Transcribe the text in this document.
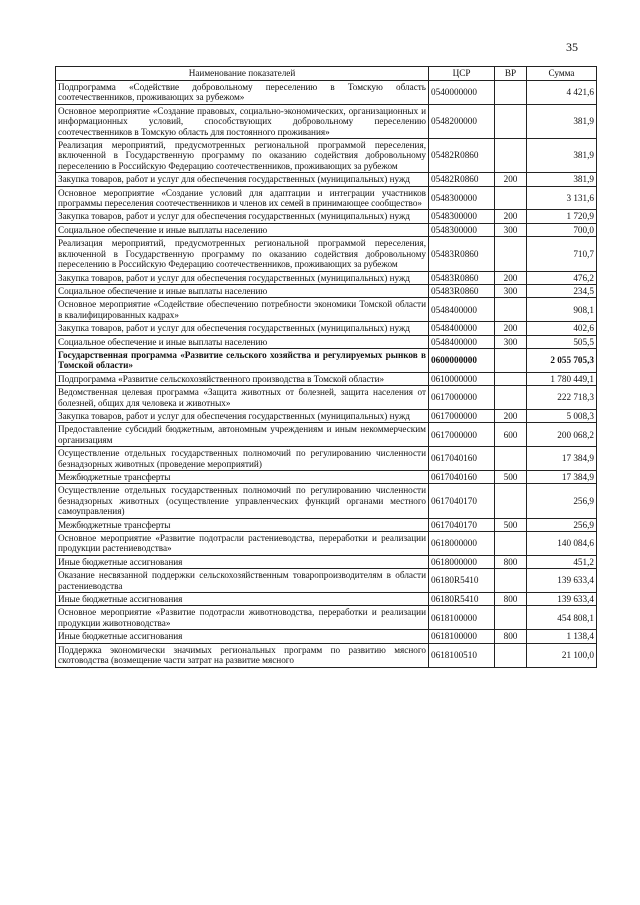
35
Наименование показателей	ЦСР	ВР	Сумма
Подпрограмма «Содействие добровольному переселению в Томскую область соотечественников, проживающих за рубежом»	0540000000		4 421,6
Основное мероприятие «Создание правовых, социально-экономических, организационных и информационных условий, способствующих добровольному переселению соотечественников в Томскую область для постоянного проживания»	0548200000		381,9
Реализация мероприятий, предусмотренных региональной программой переселения, включенной в Государственную программу по оказанию содействия добровольному переселению в Российскую Федерацию соотечественников, проживающих за рубежом	05482R0860		381,9
Закупка товаров, работ и услуг для обеспечения государственных (муниципальных) нужд	05482R0860	200	381,9
Основное мероприятие «Создание условий для адаптации и интеграции участников программы переселения соотечественников и членов их семей в принимающее сообщество»	0548300000		3 131,6
Закупка товаров, работ и услуг для обеспечения государственных (муниципальных) нужд	0548300000	200	1 720,9
Социальное обеспечение и иные выплаты населению	0548300000	300	700,0
Реализация мероприятий, предусмотренных региональной программой переселения, включенной в Государственную программу по оказанию содействия добровольному переселению в Российскую Федерацию соотечественников, проживающих за рубежом	05483R0860		710,7
Закупка товаров, работ и услуг для обеспечения государственных (муниципальных) нужд	05483R0860	200	476,2
Социальное обеспечение и иные выплаты населению	05483R0860	300	234,5
Основное мероприятие «Содействие обеспечению потребности экономики Томской области в квалифицированных кадрах»	0548400000		908,1
Закупка товаров, работ и услуг для обеспечения государственных (муниципальных) нужд	0548400000	200	402,6
Социальное обеспечение и иные выплаты населению	0548400000	300	505,5
Государственная программа «Развитие сельского хозяйства и регулируемых рынков в Томской области»	0600000000		2 055 705,3
Подпрограмма «Развитие сельскохозяйственного производства в Томской области»	0610000000		1 780 449,1
Ведомственная целевая программа «Защита животных от болезней, защита населения от болезней, общих для человека и животных»	0617000000		222 718,3
Закупка товаров, работ и услуг для обеспечения государственных (муниципальных) нужд	0617000000	200	5 008,3
Предоставление субсидий бюджетным, автономным учреждениям и иным некоммерческим организациям	0617000000	600	200 068,2
Осуществление отдельных государственных полномочий по регулированию численности безнадзорных животных (проведение мероприятий)	0617040160		17 384,9
Межбюджетные трансферты	0617040160	500	17 384,9
Осуществление отдельных государственных полномочий по регулированию численности безнадзорных животных (осуществление управленческих функций органами местного самоуправления)	0617040170		256,9
Межбюджетные трансферты	0617040170	500	256,9
Основное мероприятие «Развитие подотрасли растениеводства, переработки и реализации продукции растениеводства»	0618000000		140 084,6
Иные бюджетные ассигнования	0618000000	800	451,2
Оказание несвязанной поддержки сельскохозяйственным товаропроизводителям в области растениеводства	06180R5410		139 633,4
Иные бюджетные ассигнования	06180R5410	800	139 633,4
Основное мероприятие «Развитие подотрасли животноводства, переработки и реализации продукции животноводства»	0618100000		454 808,1
Иные бюджетные ассигнования	0618100000	800	1 138,4
Поддержка экономически значимых региональных программ по развитию мясного скотоводства (возмещение части затрат на развитие мясного	0618100510		21 100,0
